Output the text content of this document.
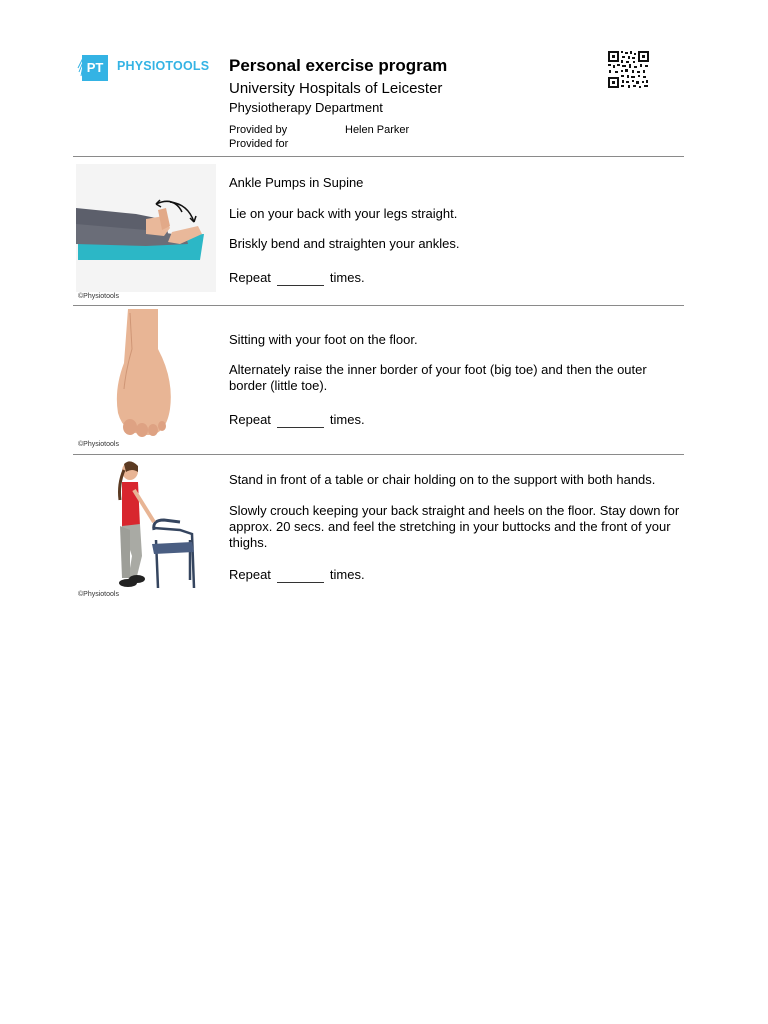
PT	PHYSIOTOOLS Personal exercise program
University Hospitals of Leicester
Physiotherapy Department
Provided by	Helen Parker
Provided for
©Physiotools
Ankle Pumps in Supine
Lie on your back with your legs straight.
Briskly bend and straighten your ankles.
Repeat	times.
©Physiotools
Sitting with your foot on the floor.
Alternately raise the inner border of your foot (big toe) and then the outer border (little toe).
Repeat	times.
©Physiotools
Stand in front of a table or chair holding on to the support with both hands.
Slowly crouch keeping your back straight and heels on the floor. Stay down for approx. 20 secs. and feel the stretching in your buttocks and the front of your thighs.
Repeat	times.
